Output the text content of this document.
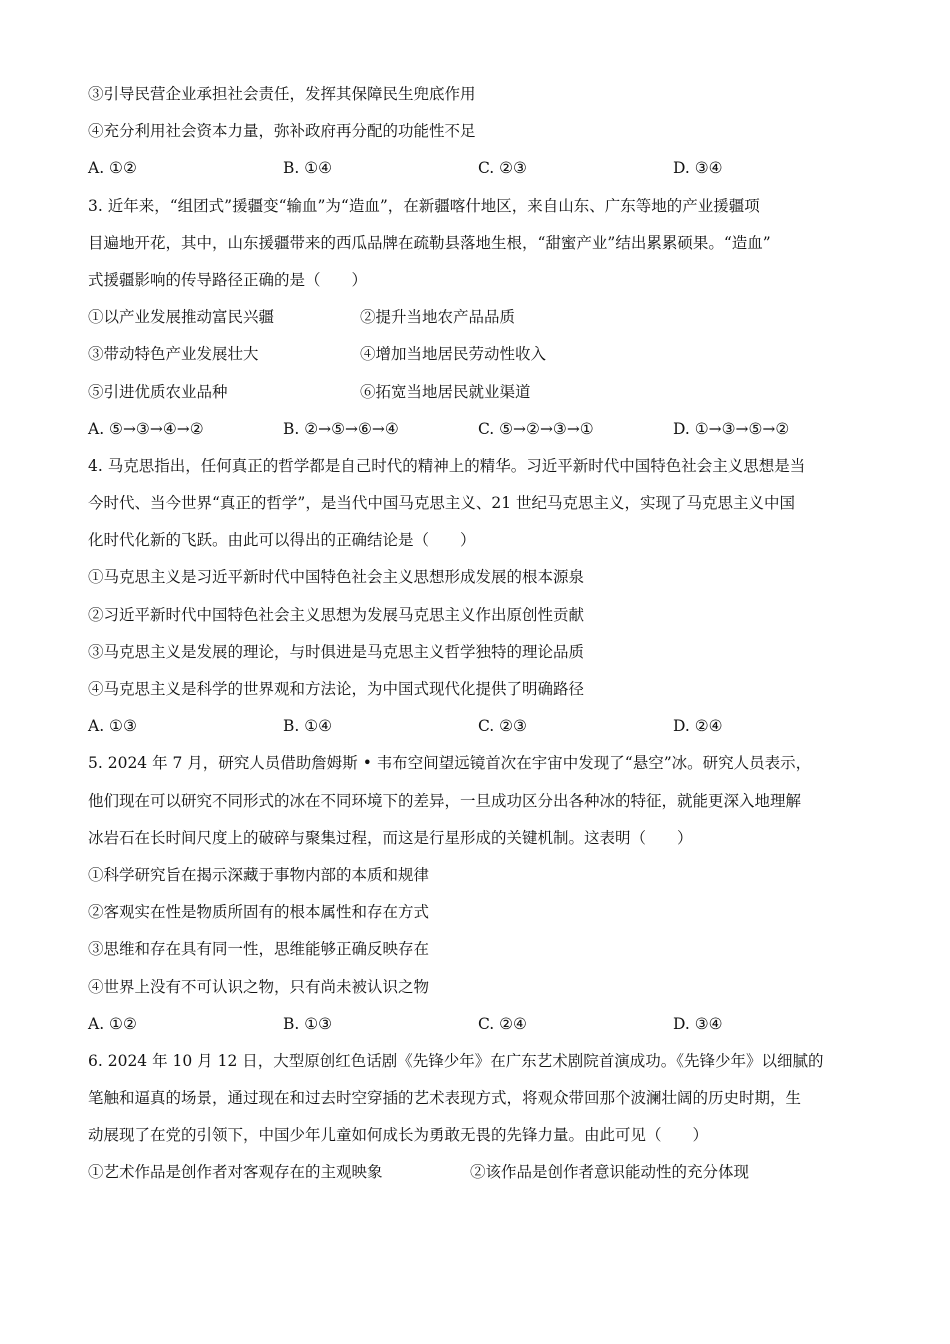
③引导民营企业承担社会责任，发挥其保障民生兜底作用
④充分利用社会资本力量，弥补政府再分配的功能性不足
A. ①②	B. ①④	C. ②③	D. ③④
3. 近年来，“组团式”援疆变“输血”为“造血”，在新疆喀什地区，来自山东、广东等地的产业援疆项
目遍地开花，其中，山东援疆带来的西瓜品牌在疏勒县落地生根，“甜蜜产业”结出累累硕果。“造血”
式援疆影响的传导路径正确的是（　　）
①以产业发展推动富民兴疆	②提升当地农产品品质
③带动特色产业发展壮大	④增加当地居民劳动性收入
⑤引进优质农业品种	⑥拓宽当地居民就业渠道
A. ⑤→③→④→②	B. ②→⑤→⑥→④	C. ⑤→②→③→①	D. ①→③→⑤→②
4. 马克思指出，任何真正的哲学都是自己时代的精神上的精华。习近平新时代中国特色社会主义思想是当
今时代、当今世界“真正的哲学”，是当代中国马克思主义、21 世纪马克思主义，实现了马克思主义中国
化时代化新的飞跃。由此可以得出的正确结论是（　　）
①马克思主义是习近平新时代中国特色社会主义思想形成发展的根本源泉
②习近平新时代中国特色社会主义思想为发展马克思主义作出原创性贡献
③马克思主义是发展的理论，与时俱进是马克思主义哲学独特的理论品质
④马克思主义是科学的世界观和方法论，为中国式现代化提供了明确路径
A. ①③	B. ①④	C. ②③	D. ②④
5. 2024 年 7 月，研究人员借助詹姆斯 • 韦布空间望远镜首次在宇宙中发现了“悬空”冰。研究人员表示，
他们现在可以研究不同形式的冰在不同环境下的差异，一旦成功区分出各种冰的特征，就能更深入地理解
冰岩石在长时间尺度上的破碎与聚集过程，而这是行星形成的关键机制。这表明（　　）
①科学研究旨在揭示深藏于事物内部的本质和规律
②客观实在性是物质所固有的根本属性和存在方式
③思维和存在具有同一性，思维能够正确反映存在
④世界上没有不可认识之物，只有尚未被认识之物
A. ①②	B. ①③	C. ②④	D. ③④
6. 2024 年 10 月 12 日，大型原创红色话剧《先锋少年》在广东艺术剧院首演成功。《先锋少年》以细腻的
笔触和逼真的场景，通过现在和过去时空穿插的艺术表现方式，将观众带回那个波澜壮阔的历史时期，生
动展现了在党的引领下，中国少年儿童如何成长为勇敢无畏的先锋力量。由此可见（　　）
①艺术作品是创作者对客观存在的主观映象	②该作品是创作者意识能动性的充分体现
